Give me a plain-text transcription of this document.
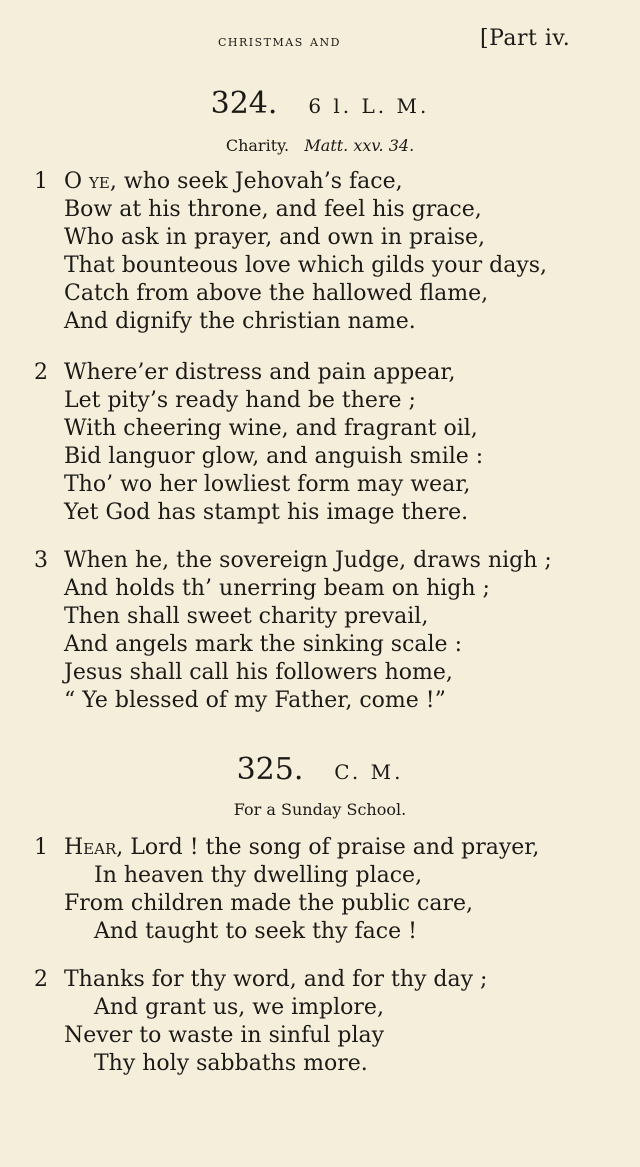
christmas and	[Part iv.
324. 6 l. L. M.
Charity. Matt. xxv. 34.
1 O ye, who seek Jehovah’s face,
Bow at his throne, and feel his grace,
Who ask in prayer, and own in praise,
That bounteous love which gilds your days,
Catch from above the hallowed flame,
And dignify the christian name.
2 Where’er distress and pain appear,
Let pity’s ready hand be there ;
With cheering wine, and fragrant oil,
Bid languor glow, and anguish smile :
Tho’ wo her lowliest form may wear,
Yet God has stampt his image there.
3 When he, the sovereign Judge, draws nigh ;
And holds th’ unerring beam on high ;
Then shall sweet charity prevail,
And angels mark the sinking scale :
Jesus shall call his followers home,
“ Ye blessed of my Father, come !”
325. C. M.
For a Sunday School.
1 Hear, Lord ! the song of praise and prayer,
In heaven thy dwelling place,
From children made the public care,
And taught to seek thy face !
2 Thanks for thy word, and for thy day ;
And grant us, we implore,
Never to waste in sinful play
Thy holy sabbaths more.
